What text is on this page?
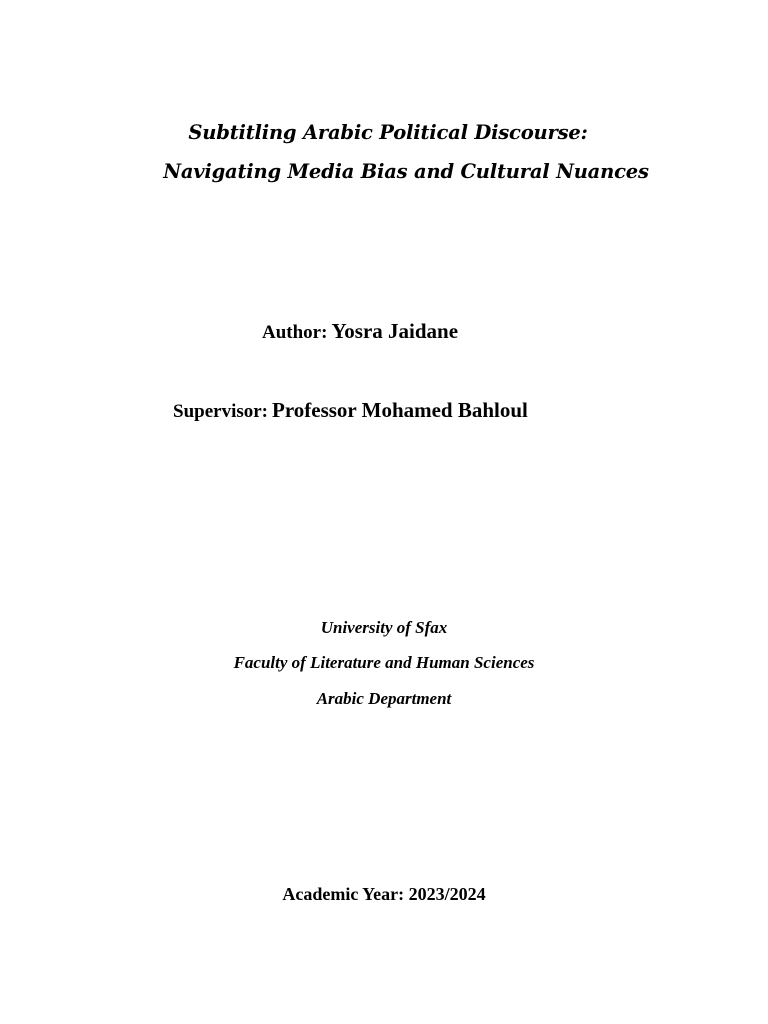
Subtitling Arabic Political Discourse:
Navigating Media Bias and Cultural Nuances
Author: Yosra Jaidane
Supervisor: Professor Mohamed Bahloul
University of Sfax
Faculty of Literature and Human Sciences
Arabic Department
Academic Year: 2023/2024
